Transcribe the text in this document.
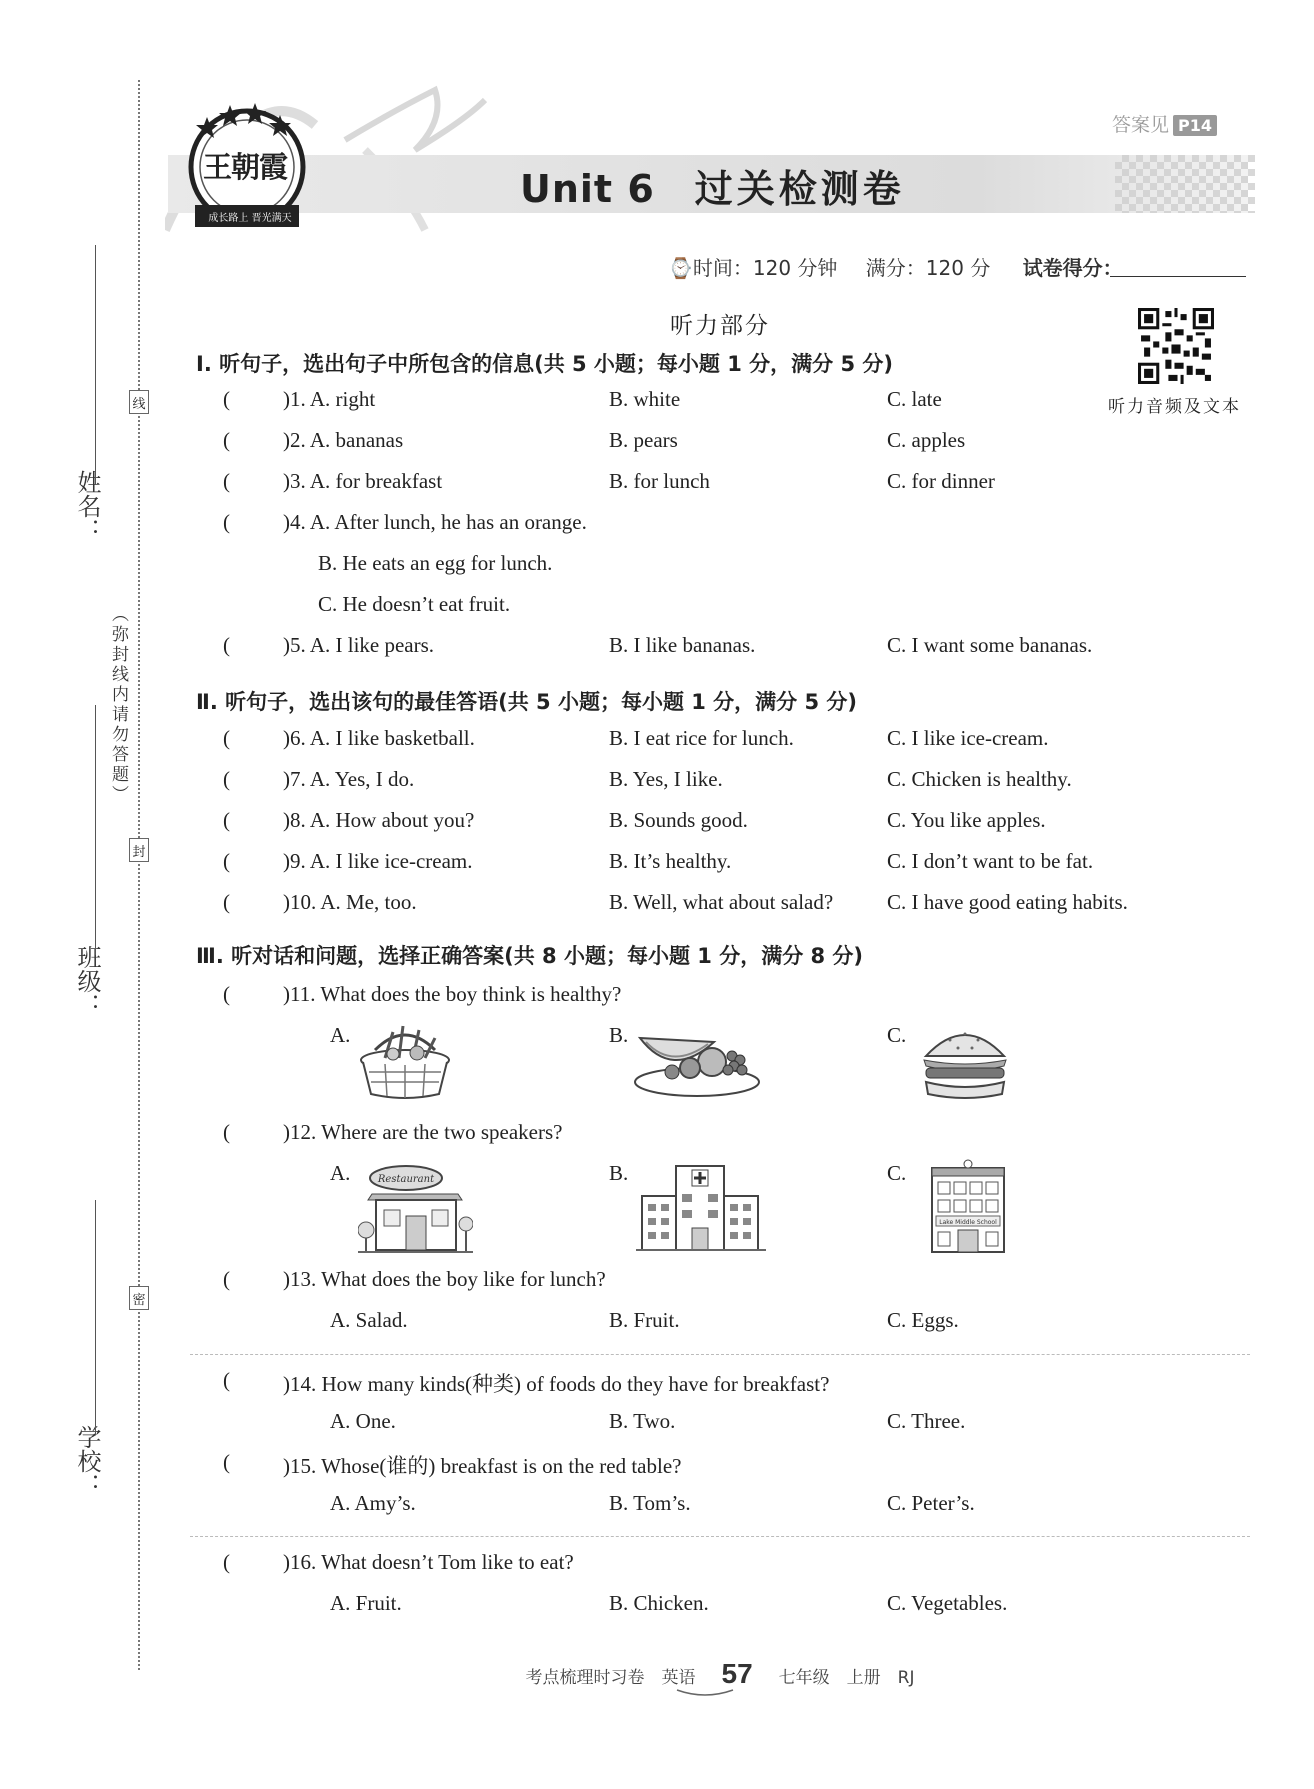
姓名：
班级：
学校：
（弥封线内请勿答题）
线
封
密
王朝霞
成长路上 晋光满天
Unit 6 过关检测卷
答案见 P14
⌚时间：120 分钟 满分：120 分 试卷得分：
听力音频及文本
听力部分
Ⅰ. 听句子，选出句子中所包含的信息(共 5 小题；每小题 1 分，满分 5 分)
(	)1. A. right	B. white	C. late
(	)2. A. bananas	B. pears	C. apples
(	)3. A. for breakfast	B. for lunch	C. for dinner
(	)4. A. After lunch, he has an orange.
B. He eats an egg for lunch.
C. He doesn’t eat fruit.
(	)5. A. I like pears.	B. I like bananas.	C. I want some bananas.
Ⅱ. 听句子，选出该句的最佳答语(共 5 小题；每小题 1 分，满分 5 分)
(	)6. A. I like basketball.	B. I eat rice for lunch.	C. I like ice-cream.
(	)7. A. Yes, I do.	B. Yes, I like.	C. Chicken is healthy.
(	)8. A. How about you?	B. Sounds good.	C. You like apples.
(	)9. A. I like ice-cream.	B. It’s healthy.	C. I don’t want to be fat.
(	)10. A. Me, too.	B. Well, what about salad?	C. I have good eating habits.
Ⅲ. 听对话和问题，选择正确答案(共 8 小题；每小题 1 分，满分 8 分)
(	)11. What does the boy think is healthy?
A.	B.	C.
(	)12. Where are the two speakers?
A.	B.	C.
Restaurant
Lake Middle School
(	)13. What does the boy like for lunch?
A. Salad.	B. Fruit.	C. Eggs.
(	)14. How many kinds(种类) of foods do they have for breakfast?
A. One.	B. Two.	C. Three.
(	)15. Whose(谁的) breakfast is on the red table?
A. Amy’s.	B. Tom’s.	C. Peter’s.
(	)16. What doesn’t Tom like to eat?
A. Fruit.	B. Chicken.	C. Vegetables.
考点梳理时习卷　英语 57 七年级　上册　RJ
